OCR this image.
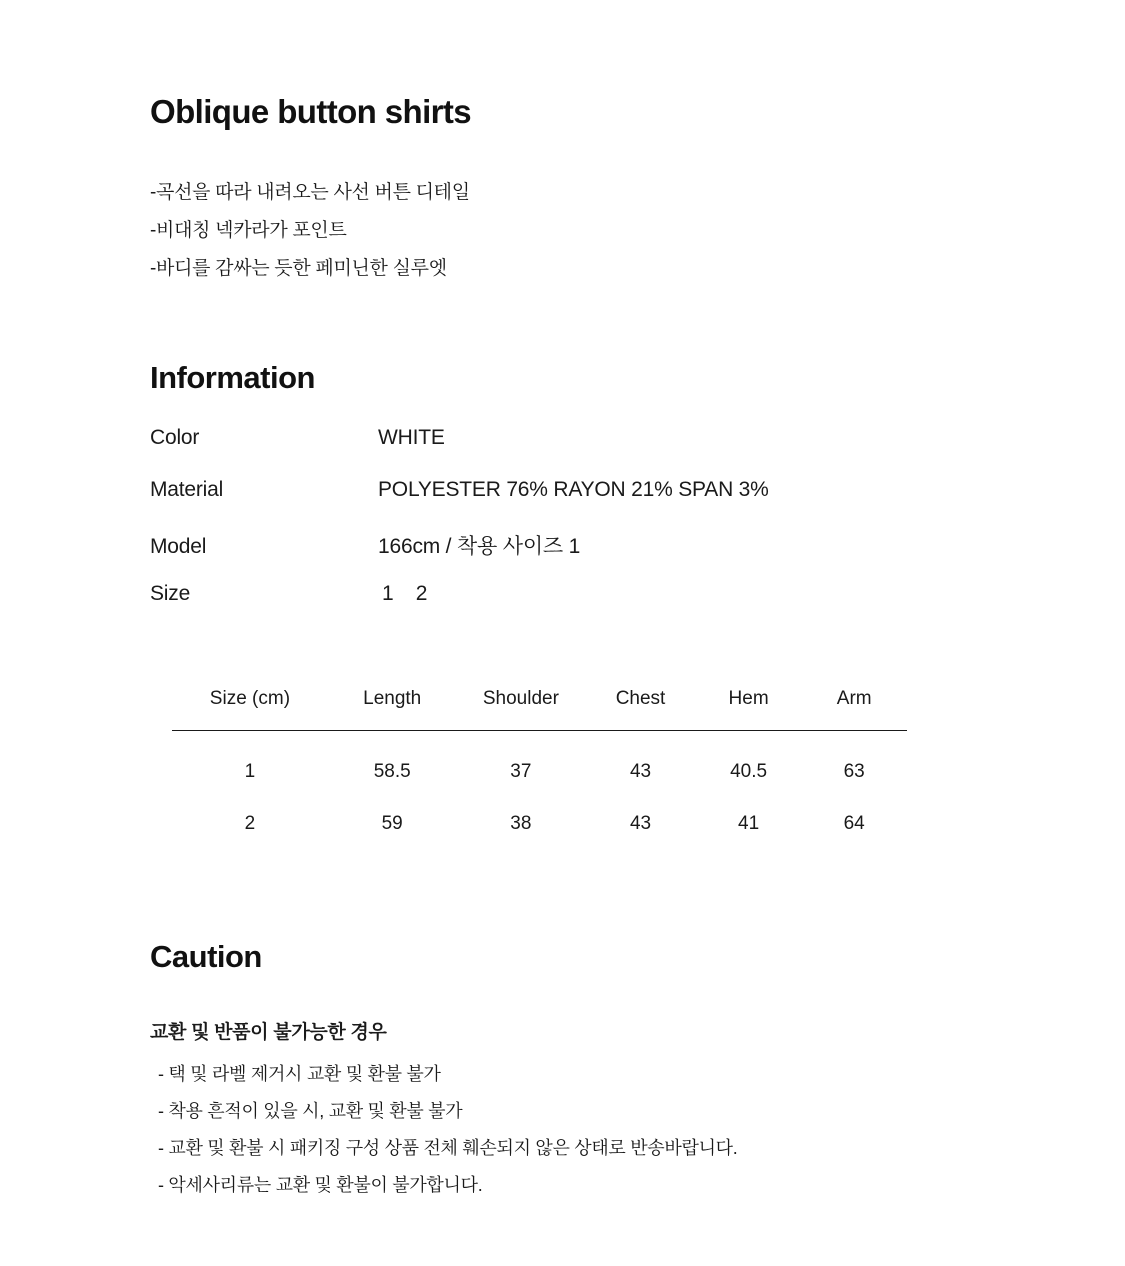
Oblique button shirts
-곡선을 따라 내려오는 사선 버튼 디테일
-비대칭 넥카라가 포인트
-바디를 감싸는 듯한 페미닌한 실루엣
Information
Color	WHITE
Material	POLYESTER 76% RAYON 21% SPAN 3%
Model	166cm / 착용 사이즈 1
Size	1 2
Size (cm)	Length	Shoulder	Chest	Hem	Arm
1	58.5	37	43	40.5	63
2	59	38	43	41	64
Caution
교환 및 반품이 불가능한 경우
- 택 및 라벨 제거시 교환 및 환불 불가
- 착용 흔적이 있을 시, 교환 및 환불 불가
- 교환 및 환불 시 패키징 구성 상품 전체 훼손되지 않은 상태로 반송바랍니다.
- 악세사리류는 교환 및 환불이 불가합니다.
